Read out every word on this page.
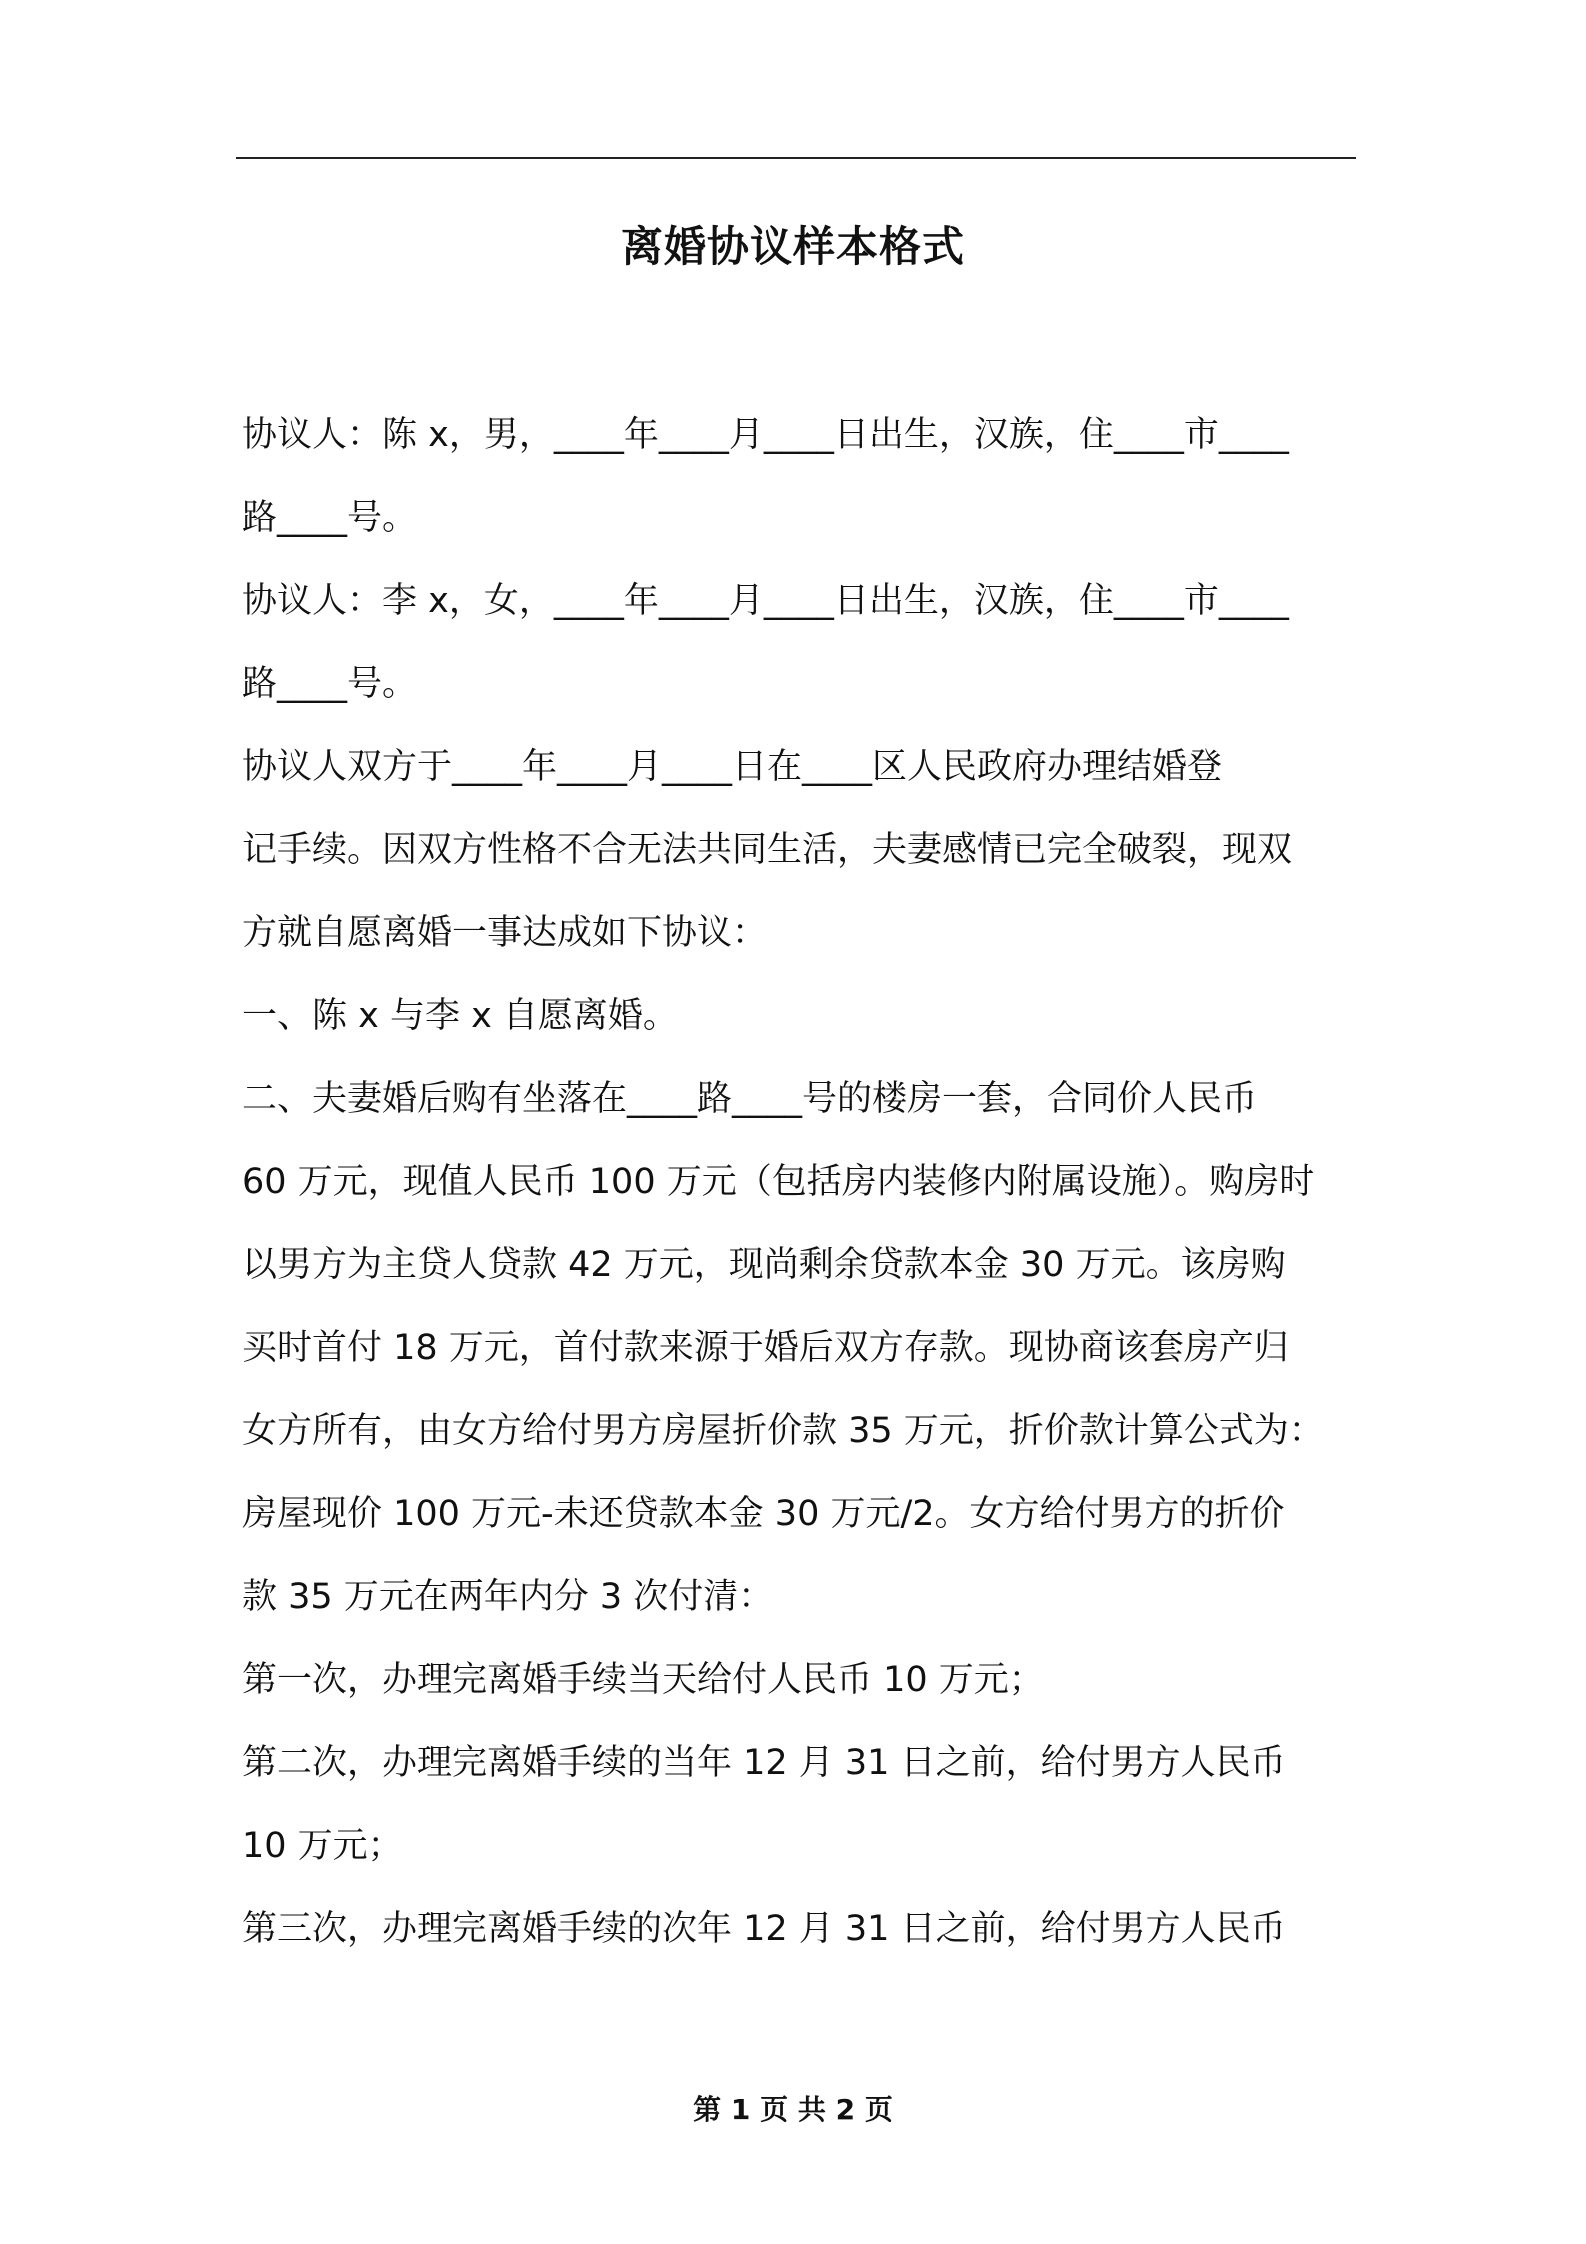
离婚协议样本格式
协议人：陈 x，男，____年____月____日出生，汉族，住____市____
路____号。
协议人：李 x，女，____年____月____日出生，汉族，住____市____
路____号。
协议人双方于____年____月____日在____区人民政府办理结婚登
记手续。因双方性格不合无法共同生活，夫妻感情已完全破裂，现双
方就自愿离婚一事达成如下协议：
一、陈 x 与李 x 自愿离婚。
二、夫妻婚后购有坐落在____路____号的楼房一套，合同价人民币
60 万元，现值人民币 100 万元（包括房内装修内附属设施）。购房时
以男方为主贷人贷款 42 万元，现尚剩余贷款本金 30 万元。该房购
买时首付 18 万元，首付款来源于婚后双方存款。现协商该套房产归
女方所有，由女方给付男方房屋折价款 35 万元，折价款计算公式为：
房屋现价 100 万元-未还贷款本金 30 万元/2。女方给付男方的折价
款 35 万元在两年内分 3 次付清：
第一次，办理完离婚手续当天给付人民币 10 万元；
第二次，办理完离婚手续的当年 12 月 31 日之前，给付男方人民币
10 万元；
第三次，办理完离婚手续的次年 12 月 31 日之前，给付男方人民币
第 1 页 共 2 页
